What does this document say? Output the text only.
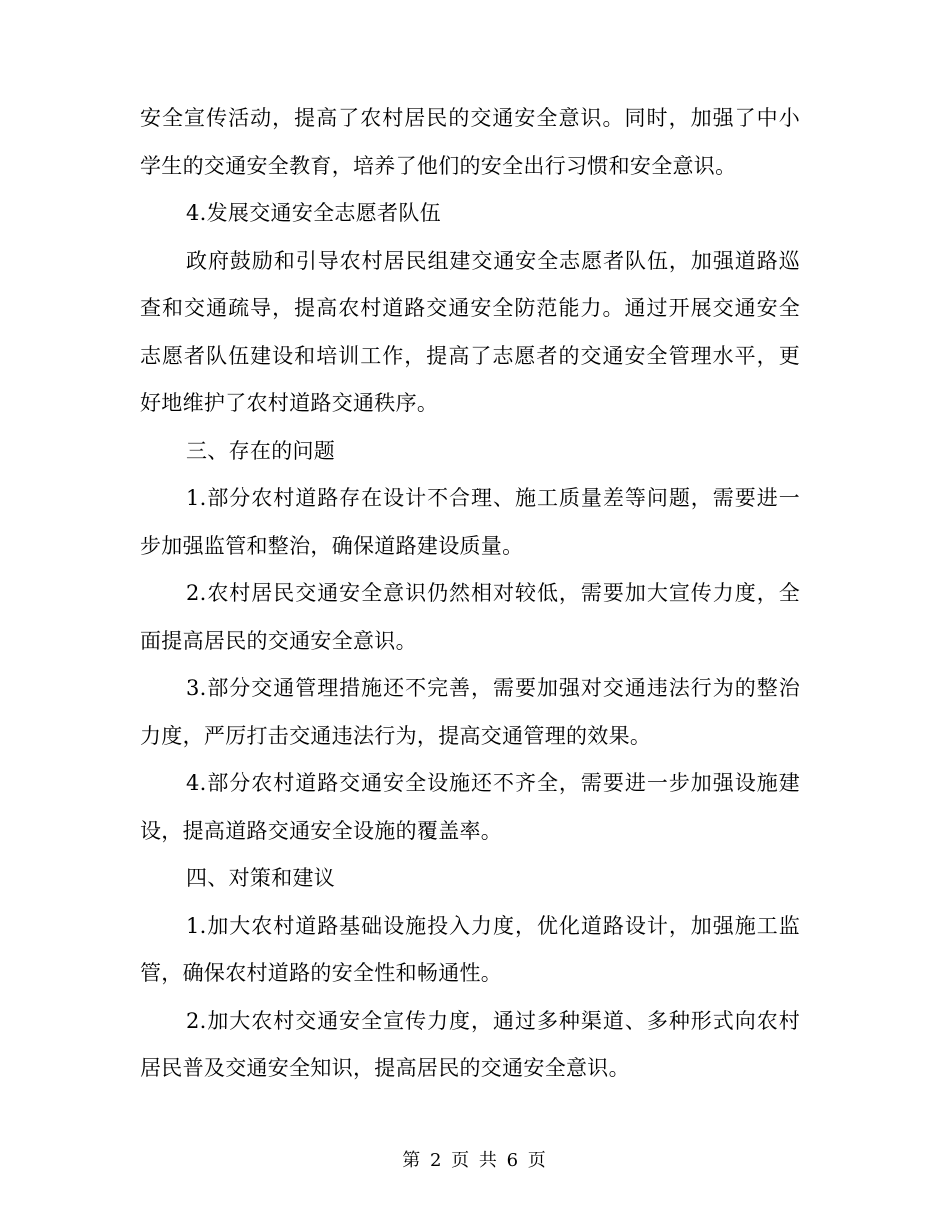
安全宣传活动，提高了农村居民的交通安全意识。同时，加强了中小学生的交通安全教育，培养了他们的安全出行习惯和安全意识。

4.发展交通安全志愿者队伍

政府鼓励和引导农村居民组建交通安全志愿者队伍，加强道路巡查和交通疏导，提高农村道路交通安全防范能力。通过开展交通安全志愿者队伍建设和培训工作，提高了志愿者的交通安全管理水平，更好地维护了农村道路交通秩序。

三、存在的问题

1.部分农村道路存在设计不合理、施工质量差等问题，需要进一步加强监管和整治，确保道路建设质量。

2.农村居民交通安全意识仍然相对较低，需要加大宣传力度，全面提高居民的交通安全意识。

3.部分交通管理措施还不完善，需要加强对交通违法行为的整治力度，严厉打击交通违法行为，提高交通管理的效果。

4.部分农村道路交通安全设施还不齐全，需要进一步加强设施建设，提高道路交通安全设施的覆盖率。

四、对策和建议

1.加大农村道路基础设施投入力度，优化道路设计，加强施工监管，确保农村道路的安全性和畅通性。

2.加大农村交通安全宣传力度，通过多种渠道、多种形式向农村居民普及交通安全知识，提高居民的交通安全意识。

第 2 页 共 6 页
